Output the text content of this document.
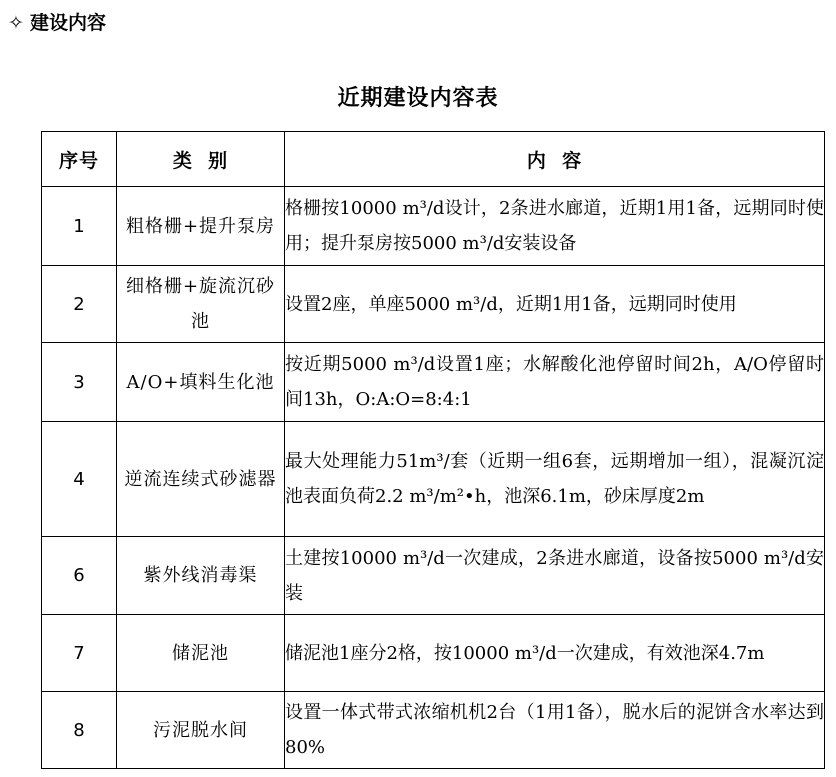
✧ 建设内容
近期建设内容表
序号	类  别	内  容
1	粗格栅+提升泵房	格栅按10000 m³/d设计，2条进水廊道，近期1用1备，远期同时使用；提升泵房按5000 m³/d安装设备
2	细格栅+旋流沉砂池	设置2座，单座5000 m³/d，近期1用1备，远期同时使用
3	A/O+填料生化池	按近期5000 m³/d设置1座；水解酸化池停留时间2h，A/O停留时间13h，O:A:O=8:4:1
4	逆流连续式砂滤器	最大处理能力51m³/套（近期一组6套，远期增加一组），混凝沉淀池表面负荷2.2 m³/m²•h，池深6.1m，砂床厚度2m
6	紫外线消毒渠	土建按10000 m³/d一次建成，2条进水廊道，设备按5000 m³/d安装
7	储泥池	储泥池1座分2格，按10000 m³/d一次建成，有效池深4.7m
8	污泥脱水间	设置一体式带式浓缩机机2台（1用1备），脱水后的泥饼含水率达到80%
